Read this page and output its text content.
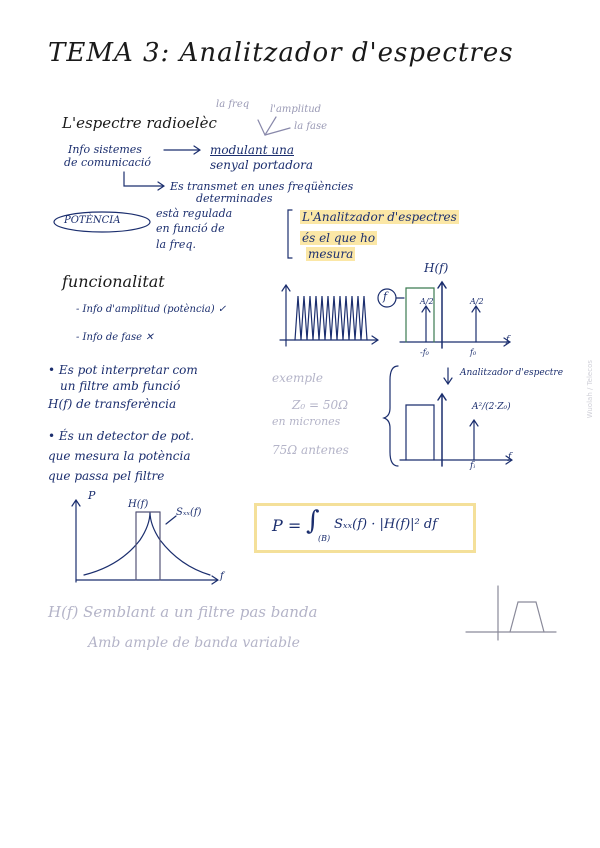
TEMA 3: Analitzador d'espectres
L'espectre radioelèc
la freq l'amplitud
la fase
Info sistemes
de comunicació
modulant una
senyal portadora
Es transmet en unes freqüències
determinades
POTÈNCIA
està regulada
en funció de
la freq.
L'Analitzador d'espectres
és el que ho
mesura
funcionalitat
- Info d'amplitud (potència) ✓
- Info de fase ✕
• Es pot interpretar com
un filtre amb funció
H(f) de transferència
• És un detector de pot.
que mesura la potència
que passa pel filtre
exemple
Z₀ = 50Ω
en micrones
75Ω antenes
Analitzador d'espectre
H(f)
f	A/2	A/2
-f₀	f₀
f
A²/(2·Z₀)
fᵢ
f
P
H(f)
Sₓₓ(f)
f
P = ∫
(B)
Sₓₓ(f) · |H(f)|² df
H(f) Semblant a un filtre pas banda
Amb ample de banda variable
Wuolah / Telecos
